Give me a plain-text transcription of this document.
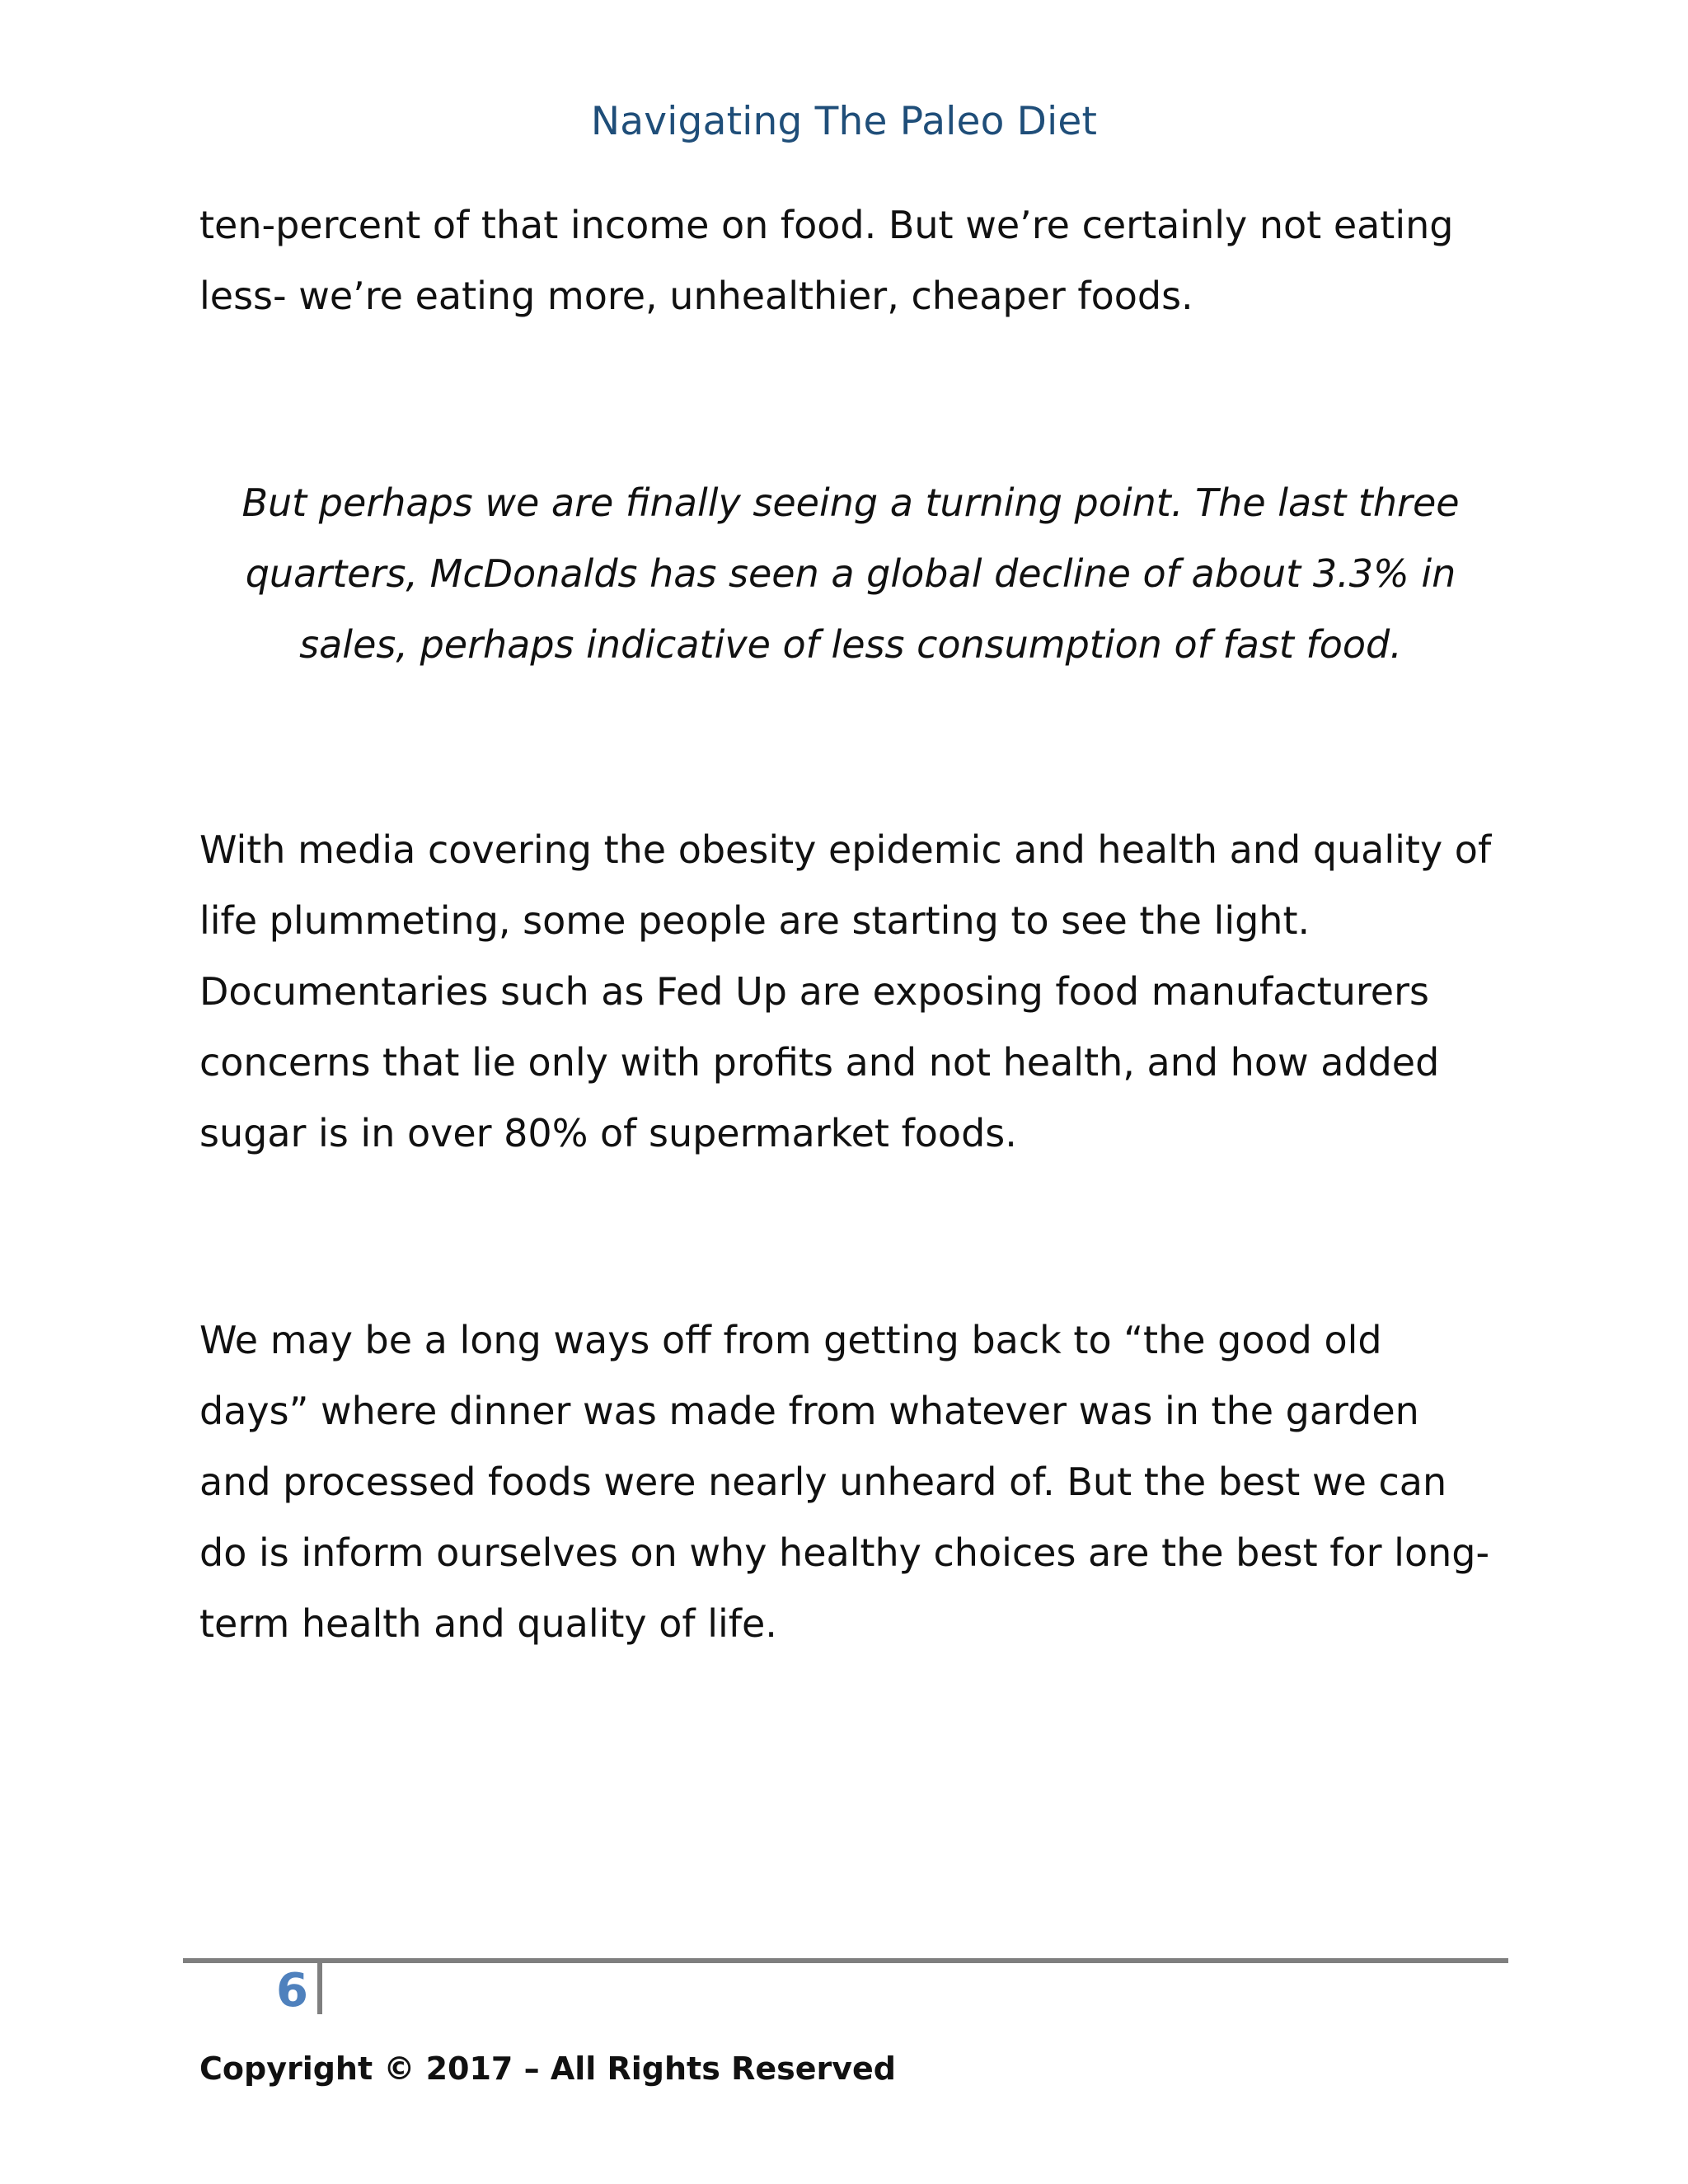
Navigating The Paleo Diet

ten-percent of that income on food. But we’re certainly not eating less- we’re eating more, unhealthier, cheaper foods.

But perhaps we are finally seeing a turning point. The last three quarters, McDonalds has seen a global decline of about 3.3% in sales, perhaps indicative of less consumption of fast food.

With media covering the obesity epidemic and health and quality of life plummeting, some people are starting to see the light. Documentaries such as Fed Up are exposing food manufacturers concerns that lie only with profits and not health, and how added sugar is in over 80% of supermarket foods.

We may be a long ways off from getting back to “the good old days” where dinner was made from whatever was in the garden and processed foods were nearly unheard of. But the best we can do is inform ourselves on why healthy choices are the best for long-term health and quality of life.

6
Copyright © 2017 – All Rights Reserved
